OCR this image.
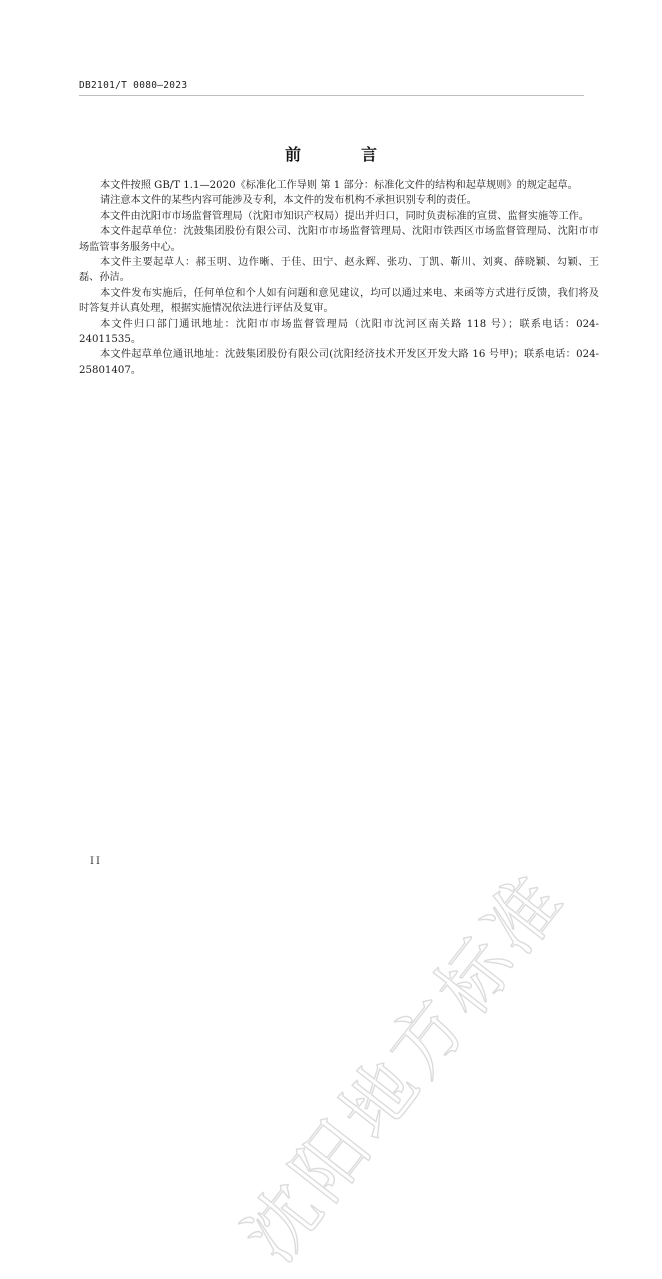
DB2101/T 0080—2023
前　言

本文件按照 GB/T 1.1—2020《标准化工作导则 第 1 部分：标准化文件的结构和起草规则》的规定起草。

请注意本文件的某些内容可能涉及专利，本文件的发布机构不承担识别专利的责任。

本文件由沈阳市市场监督管理局（沈阳市知识产权局）提出并归口，同时负责标准的宣贯、监督实施等工作。

本文件起草单位：沈鼓集团股份有限公司、沈阳市市场监督管理局、沈阳市铁西区市场监督管理局、沈阳市市场监管事务服务中心。

本文件主要起草人：郝玉明、边作晰、于佳、田宁、赵永辉、张功、丁凯、靳川、刘爽、薛晓颖、勾颖、王磊、孙洁。

本文件发布实施后，任何单位和个人如有问题和意见建议，均可以通过来电、来函等方式进行反馈，我们将及时答复并认真处理，根据实施情况依法进行评估及复审。

本文件归口部门通讯地址：沈阳市市场监督管理局（沈阳市沈河区南关路 118 号）；联系电话：024-24011535。

本文件起草单位通讯地址：沈鼓集团股份有限公司(沈阳经济技术开发区开发大路 16 号甲)；联系电话：024-25801407。

沈阳地方标准
II
